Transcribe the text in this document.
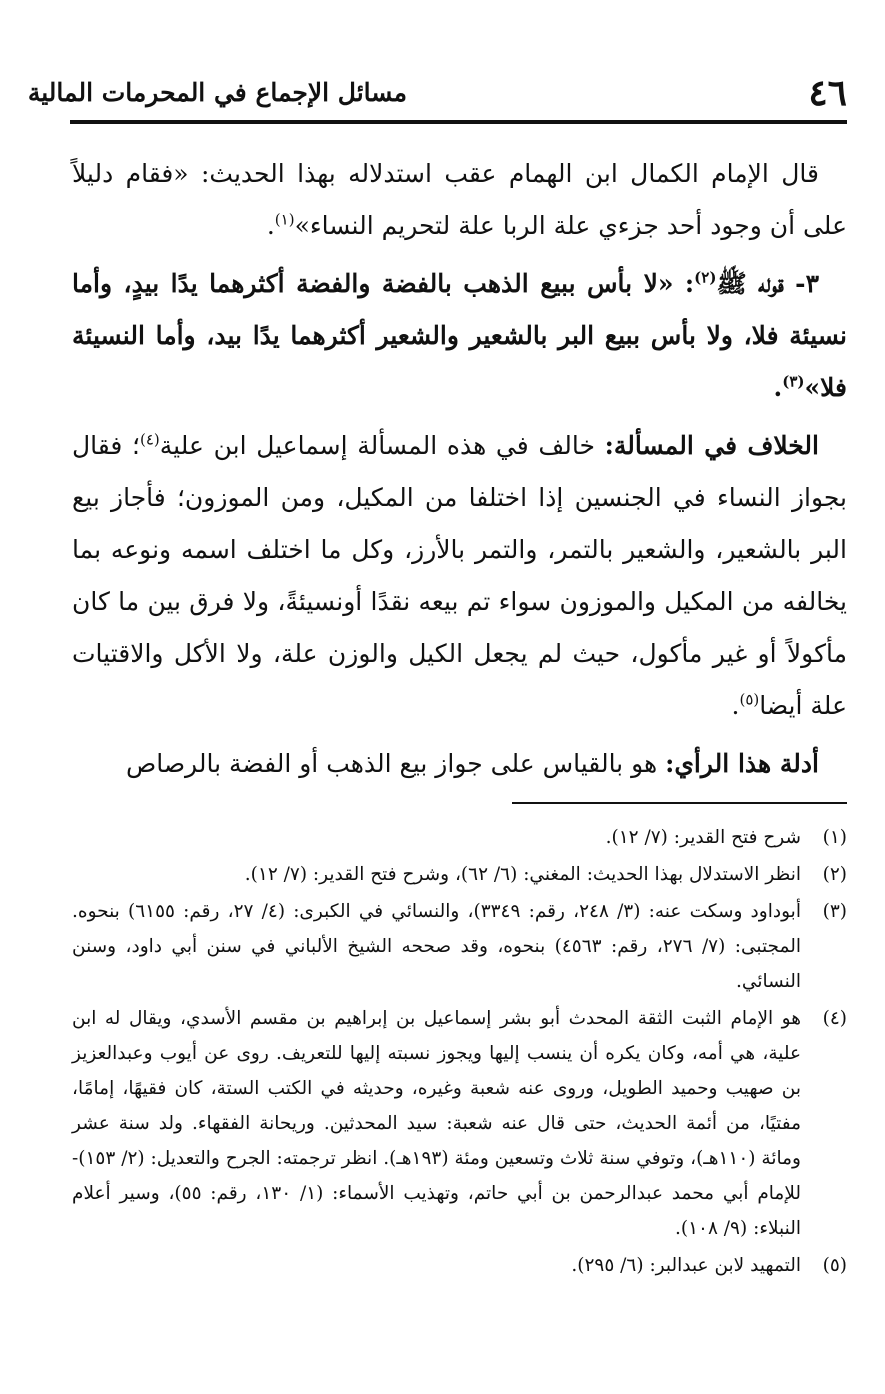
٤٦
مسائل الإجماع في المحرمات المالية

قال الإمام الكمال ابن الهمام عقب استدلاله بهذا الحديث: «فقام دليلاً على أن وجود أحد جزءي علة الربا علة لتحريم النساء»$^{(١)}$.

٣- قوله ﷺ$^{(٢)}$: «لا بأس ببيع الذهب بالفضة والفضة أكثرهما يدًا بيدٍ، وأما نسيئة فلا، ولا بأس ببيع البر بالشعير والشعير أكثرهما يدًا بيد، وأما النسيئة فلا»$^{(٣)}$.

الخلاف في المسألة: خالف في هذه المسألة إسماعيل ابن علية$^{(٤)}$؛ فقال بجواز النساء في الجنسين إذا اختلفا من المكيل، ومن الموزون؛ فأجاز بيع البر بالشعير، والشعير بالتمر، والتمر بالأرز، وكل ما اختلف اسمه ونوعه بما يخالفه من المكيل والموزون سواء تم بيعه نقدًا أونسيئةً، ولا فرق بين ما كان مأكولاً أو غير مأكول، حيث لم يجعل الكيل والوزن علة، ولا الأكل والاقتيات علة أيضا$^{(٥)}$.

أدلة هذا الرأي: هو بالقياس على جواز بيع الذهب أو الفضة بالرصاص

(١)
شرح فتح القدير: (٧/ ١٢).
(٢)
انظر الاستدلال بهذا الحديث: المغني: (٦/ ٦٢)، وشرح فتح القدير: (٧/ ١٢).
(٣)
أبوداود وسكت عنه: (٣/ ٢٤٨، رقم: ٣٣٤٩)، والنسائي في الكبرى: (٤/ ٢٧، رقم: ٦١٥٥) بنحوه. المجتبى: (٧/ ٢٧٦، رقم: ٤٥٦٣) بنحوه، وقد صححه الشيخ الألباني في سنن أبي داود، وسنن النسائي.
(٤)
هو الإمام الثبت الثقة المحدث أبو بشر إسماعيل بن إبراهيم بن مقسم الأسدي، ويقال له ابن علية، هي أمه، وكان يكره أن ينسب إليها ويجوز نسبته إليها للتعريف. روى عن أيوب وعبدالعزيز بن صهيب وحميد الطويل، وروى عنه شعبة وغيره، وحديثه في الكتب الستة، كان فقيهًا، إمامًا، مفتيًا، من أئمة الحديث، حتى قال عنه شعبة: سيد المحدثين. وريحانة الفقهاء. ولد سنة عشر ومائة (١١٠هـ)، وتوفي سنة ثلاث وتسعين ومئة (١٩٣هـ). انظر ترجمته: الجرح والتعديل: (٢/ ١٥٣)- للإمام أبي محمد عبدالرحمن بن أبي حاتم، وتهذيب الأسماء: (١/ ١٣٠، رقم: ٥٥)، وسير أعلام النبلاء: (٩/ ١٠٨).
(٥)
التمهيد لابن عبدالبر: (٦/ ٢٩٥).
